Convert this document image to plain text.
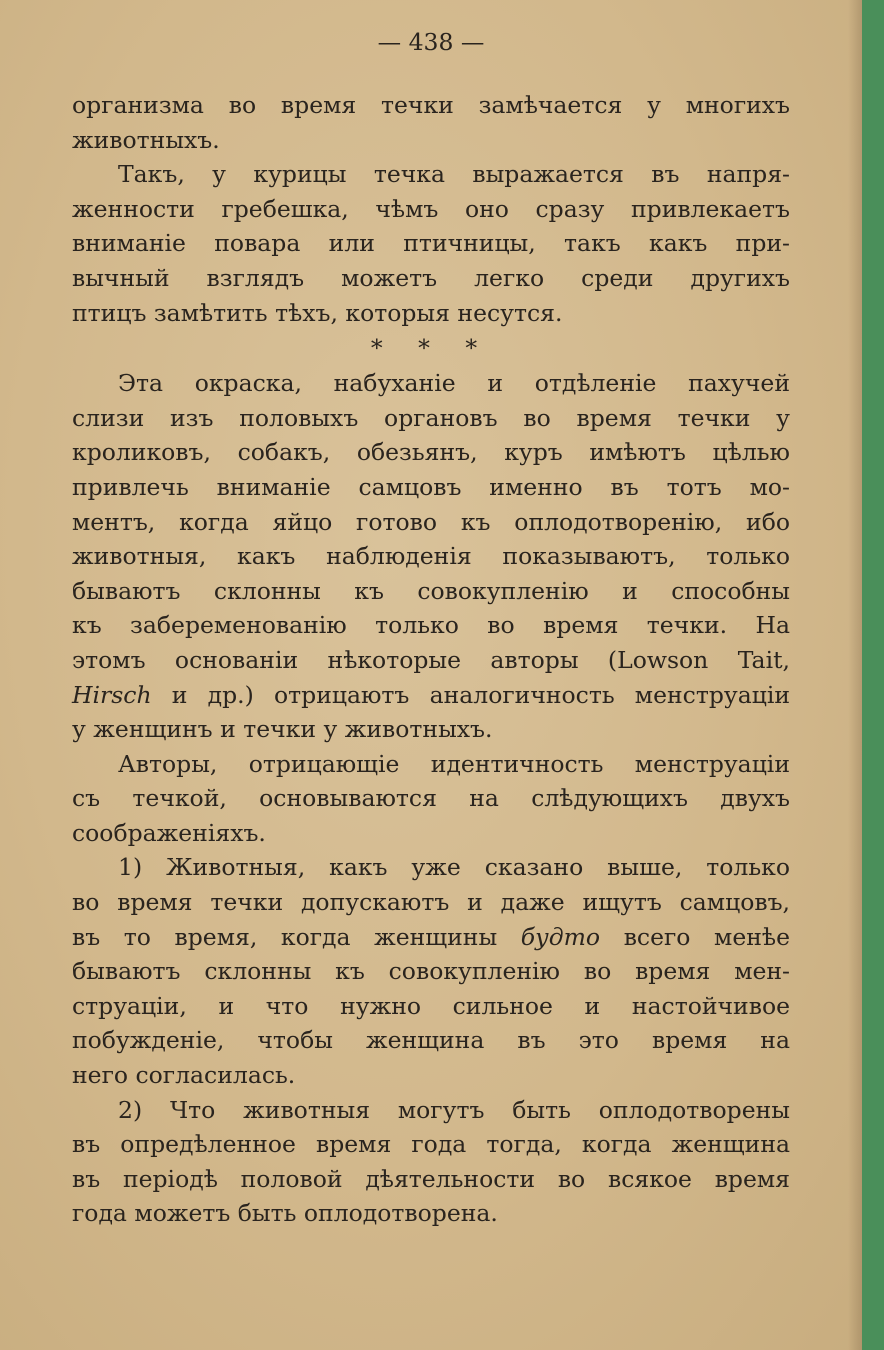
— 438 —
организма во время течки замѣчается у многихъ
животныхъ.
Такъ, у курицы течка выражается въ напря-
женности гребешка, чѣмъ оно сразу привлекаетъ
вниманіе повара или птичницы, такъ какъ при-
вычный взглядъ можетъ легко среди другихъ
птицъ замѣтить тѣхъ, которыя несутся.
* * *
Эта окраска, набуханіе и отдѣленіе пахучей
слизи изъ половыхъ органовъ во время течки у
кроликовъ, собакъ, обезьянъ, куръ имѣютъ цѣлью
привлечь вниманіе самцовъ именно въ тотъ мо-
ментъ, когда яйцо готово къ оплодотворенію, ибо
животныя, какъ наблюденія показываютъ, только
бываютъ склонны къ совокупленію и способны
къ забеременованію только во время течки. На
этомъ основаніи нѣкоторые авторы (Lowson Tait,
Hirsch и др.) отрицаютъ аналогичность менструаціи
у женщинъ и течки у животныхъ.
Авторы, отрицающіе идентичность менструаціи
съ течкой, основываются на слѣдующихъ двухъ
соображеніяхъ.
1) Животныя, какъ уже сказано выше, только
во время течки допускаютъ и даже ищутъ самцовъ,
въ то время, когда женщины будто всего менѣе
бываютъ склонны къ совокупленію во время мен-
струаціи, и что нужно сильное и настойчивое
побужденіе, чтобы женщина въ это время на
него согласилась.
2) Что животныя могутъ быть оплодотворены
въ опредѣленное время года тогда, когда женщина
въ періодѣ половой дѣятельности во всякое время
года можетъ быть оплодотворена.
